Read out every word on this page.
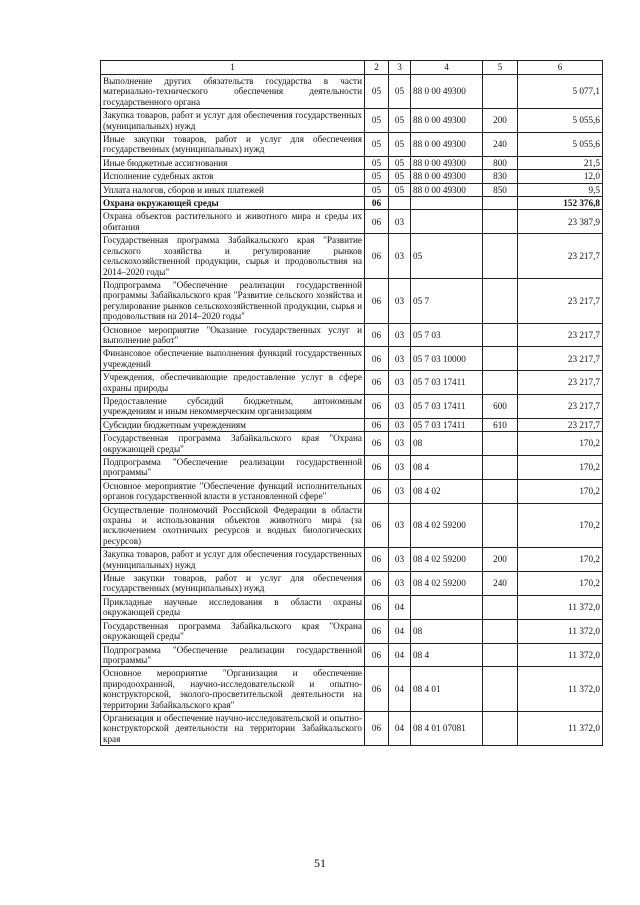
1	2	3	4	5	6
Выполнение других обязательств государства в части материально-технического обеспечения деятельности государственного органа	05	05	88 0 00 49300		5 077,1
Закупка товаров, работ и услуг для обеспечения государственных (муниципальных) нужд	05	05	88 0 00 49300	200	5 055,6
Иные закупки товаров, работ и услуг для обеспечения государственных (муниципальных) нужд	05	05	88 0 00 49300	240	5 055,6
Иные бюджетные ассигнования	05	05	88 0 00 49300	800	21,5
Исполнение судебных актов	05	05	88 0 00 49300	830	12,0
Уплата налогов, сборов и иных платежей	05	05	88 0 00 49300	850	9,5
Охрана окружающей среды	06				152 376,8
Охрана объектов растительного и животного мира и среды их обитания	06	03			23 387,9
Государственная программа Забайкальского края "Развитие сельского хозяйства и регулирование рынков сельскохозяйственной продукции, сырья и продовольствия на 2014–2020 годы"	06	03	05		23 217,7
Подпрограмма "Обеспечение реализации государственной программы Забайкальского края "Развитие сельского хозяйства и регулирование рынков сельскохозяйственной продукции, сырья и продовольствия на 2014–2020 годы"	06	03	05 7		23 217,7
Основное мероприятие "Оказание государственных услуг и выполнение работ"	06	03	05 7 03		23 217,7
Финансовое обеспечение выполнения функций государственных учреждений	06	03	05 7 03 10000		23 217,7
Учреждения, обеспечивающие предоставление услуг в сфере охраны природы	06	03	05 7 03 17411		23 217,7
Предоставление субсидий бюджетным, автономным учреждениям и иным некоммерческим организациям	06	03	05 7 03 17411	600	23 217,7
Субсидии бюджетным учреждениям	06	03	05 7 03 17411	610	23 217,7
Государственная программа Забайкальского края "Охрана окружающей среды"	06	03	08		170,2
Подпрограмма "Обеспечение реализации государственной программы"	06	03	08 4		170,2
Основное мероприятие "Обеспечение функций исполнительных органов государственной власти в установленной сфере"	06	03	08 4 02		170,2
Осуществление полномочий Российской Федерации в области охраны и использования объектов животного мира (за исключением охотничьих ресурсов и водных биологических ресурсов)	06	03	08 4 02 59200		170,2
Закупка товаров, работ и услуг для обеспечения государственных (муниципальных) нужд	06	03	08 4 02 59200	200	170,2
Иные закупки товаров, работ и услуг для обеспечения государственных (муниципальных) нужд	06	03	08 4 02 59200	240	170,2
Прикладные научные исследования в области охраны окружающей среды	06	04			11 372,0
Государственная программа Забайкальского края "Охрана окружающей среды"	06	04	08		11 372,0
Подпрограмма "Обеспечение реализации государственной программы"	06	04	08 4		11 372,0
Основное мероприятие "Организация и обеспечение природоохранной, научно-исследовательской и опытно- конструкторской, эколого-просветительской деятельности на территории Забайкальского края"	06	04	08 4 01		11 372,0
Организация и обеспечение научно-исследовательской и опытно-конструкторской деятельности на территории Забайкальского края	06	04	08 4 01 07081		11 372,0
51
